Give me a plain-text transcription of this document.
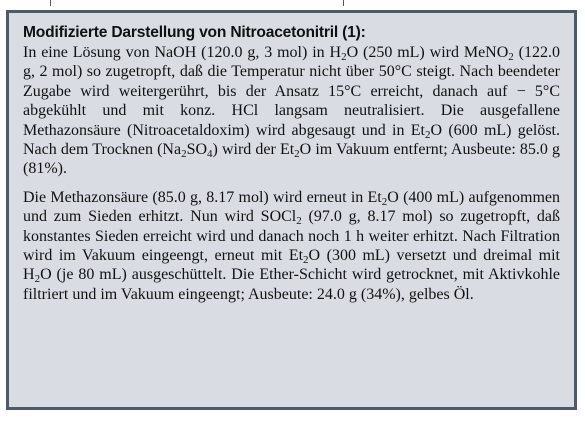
Modifizierte Darstellung von Nitroacetonitril (1):

In eine Lösung von NaOH (120.0 g, 3 mol) in $H_2O$ (250 mL) wird MeNO$_2$ (122.0 g, 2 mol) so zugetropft, daß die Temperatur nicht über 50°C steigt. Nach beendeter Zugabe wird weitergerührt, bis der Ansatz 15°C erreicht, danach auf − 5°C abgekühlt und mit konz. HCl langsam neutralisiert. Die ausgefallene Methazonsäure (Nitroacetaldoxim) wird abgesaugt und in $Et_2O$ (600 mL) gelöst. Nach dem Trocknen $(Na_2SO_4)$ wird der $Et_2O$ im Vakuum entfernt; Ausbeute: 85.0 g (81%).

Die Methazonsäure (85.0 g, 8.17 mol) wird erneut in $Et_2O$ (400 mL) aufgenommen und zum Sieden erhitzt. Nun wird SOCl$_2$ (97.0 g, 8.17 mol) so zugetropft, daß konstantes Sieden erreicht wird und danach noch 1 h weiter erhitzt. Nach Filtration wird im Vakuum eingeengt, erneut mit $Et_2O$ (300 mL) versetzt und dreimal mit $H_2O$ (je 80 mL) ausgeschüttelt. Die Ether-Schicht wird getrocknet, mit Aktivkohle filtriert und im Vakuum eingeengt; Ausbeute: 24.0 g (34%), gelbes Öl.
